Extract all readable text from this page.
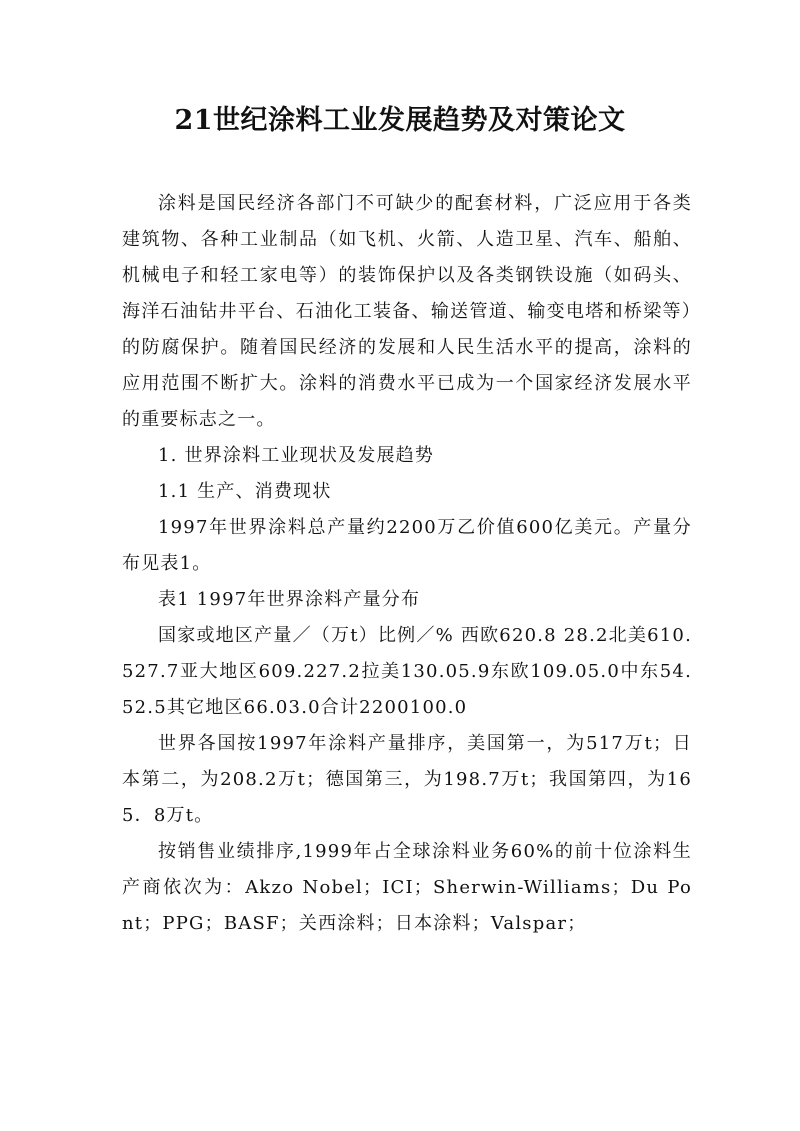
21世纪涂料工业发展趋势及对策论文

涂料是国民经济各部门不可缺少的配套材料，广泛应用于各类建筑物、各种工业制品（如飞机、火箭、人造卫星、汽车、船舶、机械电子和轻工家电等）的装饰保护以及各类钢铁设施（如码头、海洋石油钻井平台、石油化工装备、输送管道、输变电塔和桥梁等）的防腐保护。随着国民经济的发展和人民生活水平的提高，涂料的应用范围不断扩大。涂料的消费水平已成为一个国家经济发展水平的重要标志之一。

1. 世界涂料工业现状及发展趋势

1.1 生产、消费现状

1997年世界涂料总产量约2200万乙价值600亿美元。产量分布见表1。

表1 1997年世界涂料产量分布

国家或地区产量／（万t）比例／% 西欧620.8 28.2北美610.527.7亚大地区609.227.2拉美130.05.9东欧109.05.0中东54.52.5其它地区66.03.0合计2200100.0

世界各国按1997年涂料产量排序，美国第一，为517万t；日本第二，为208.2万t；德国第三，为198.7万t；我国第四，为165．8万t。

按销售业绩排序,1999年占全球涂料业务60%的前十位涂料生产商依次为：Akzo Nobel；ICI；Sherwin-Williams；Du Pont；PPG；BASF；关西涂料；日本涂料；Valspar；
